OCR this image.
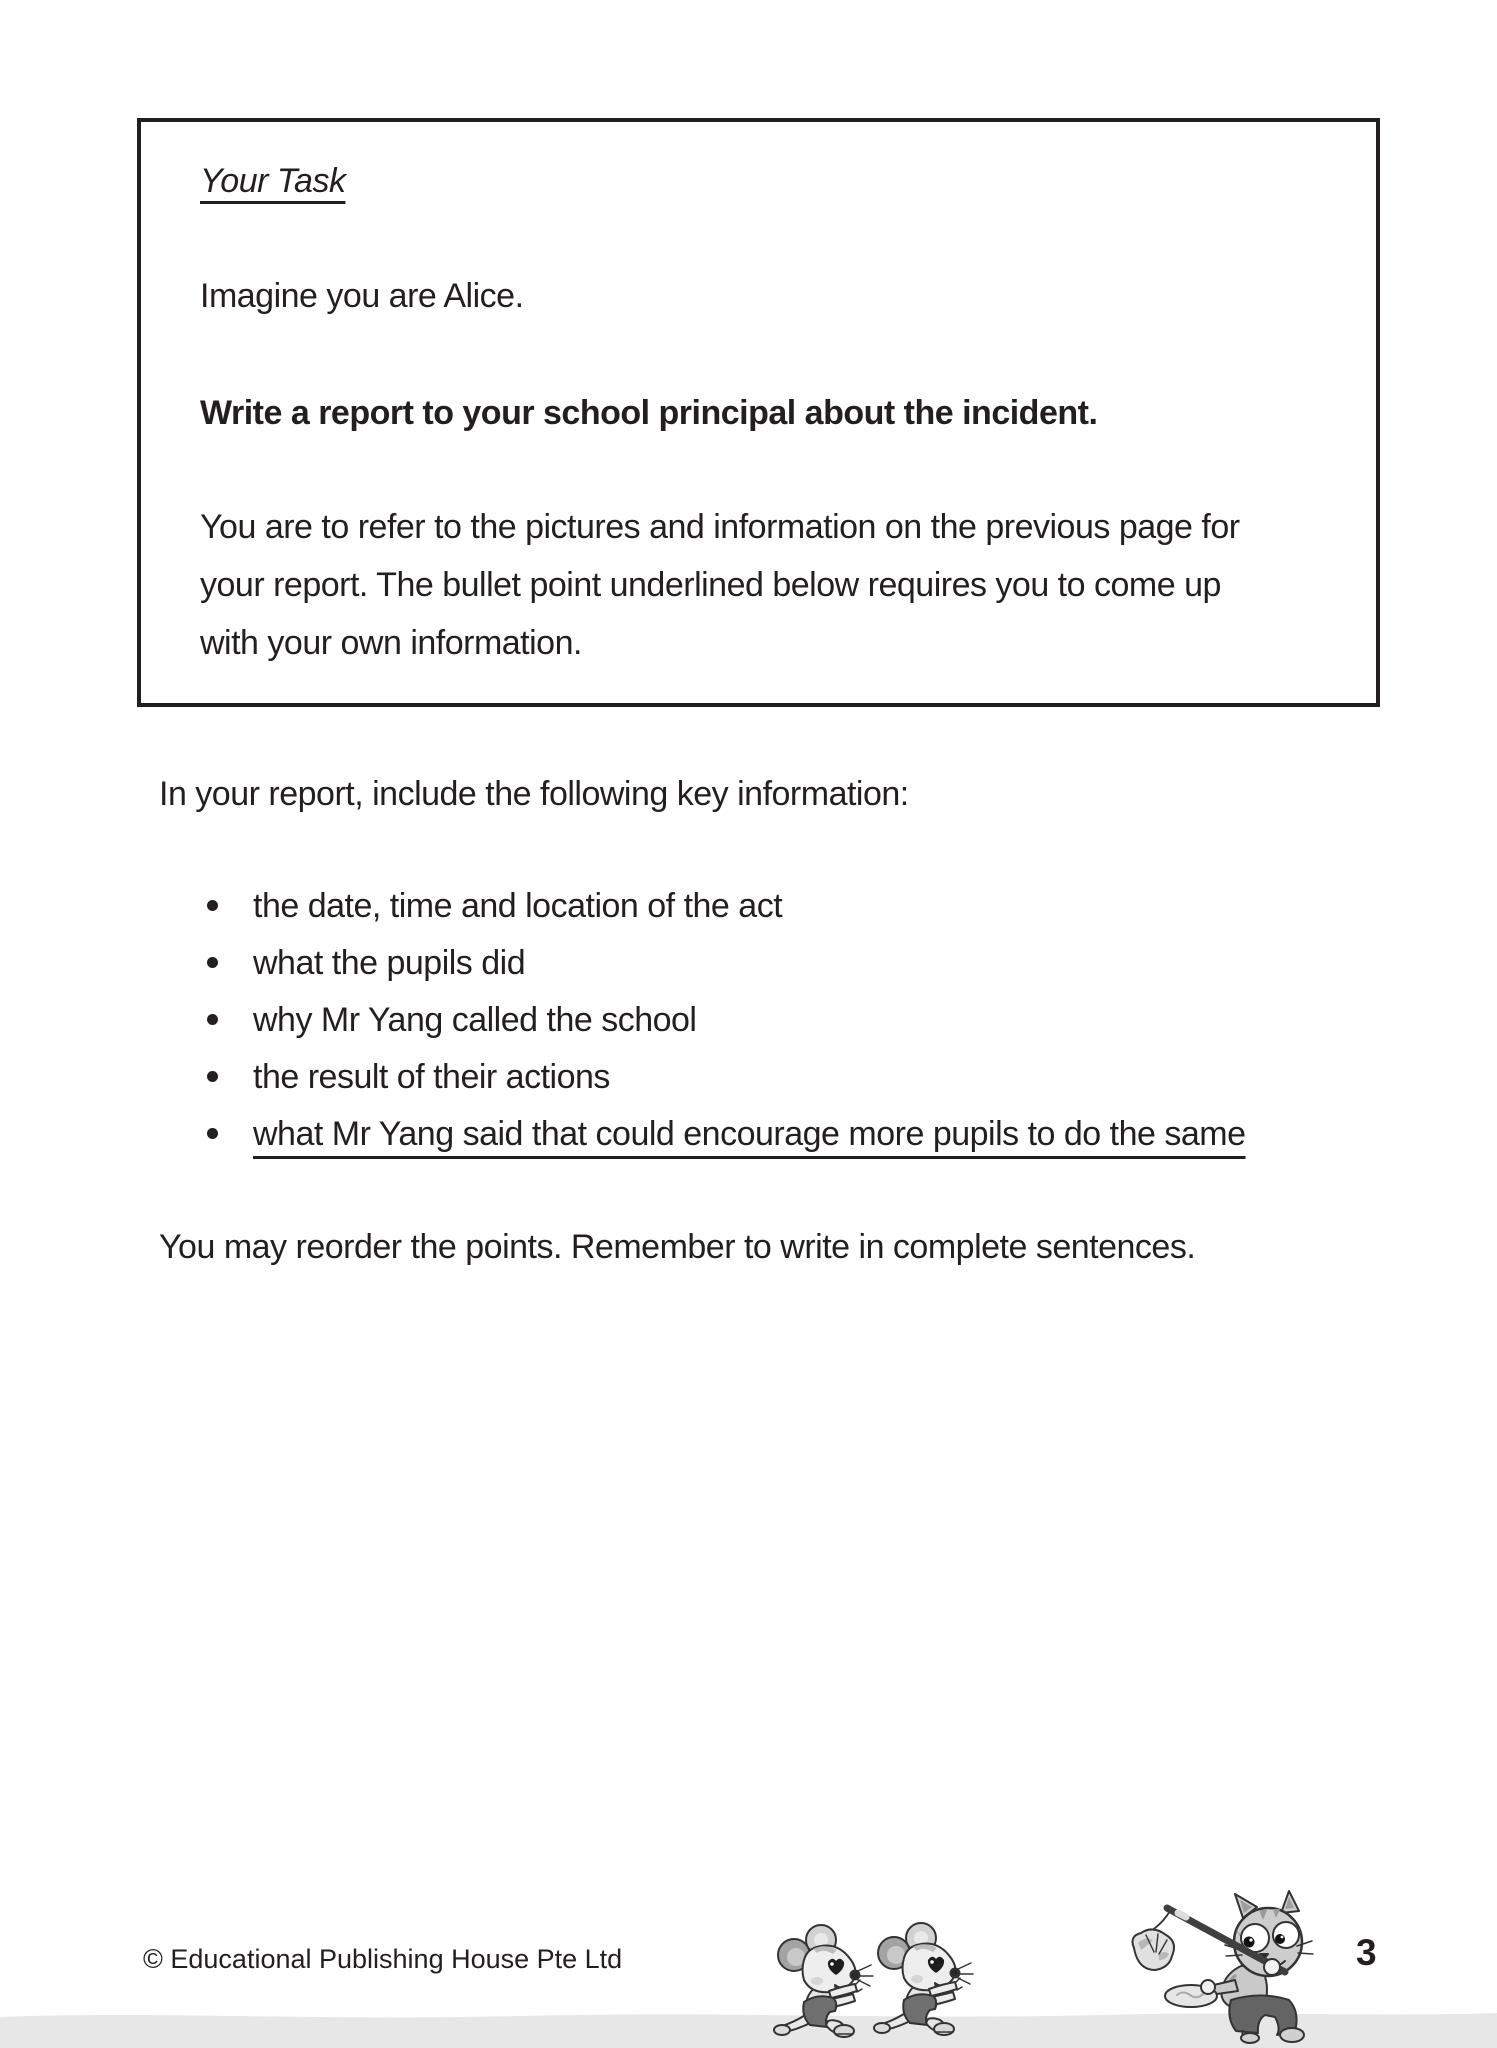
Your Task
Imagine you are Alice.
Write a report to your school principal about the incident.
You are to refer to the pictures and information on the previous page for
your report. The bullet point underlined below requires you to come up
with your own information.
In your report, include the following key information:
the date, time and location of the act
what the pupils did
why Mr Yang called the school
the result of their actions
what Mr Yang said that could encourage more pupils to do the same
You may reorder the points. Remember to write in complete sentences.
© Educational Publishing House Pte Ltd	3
